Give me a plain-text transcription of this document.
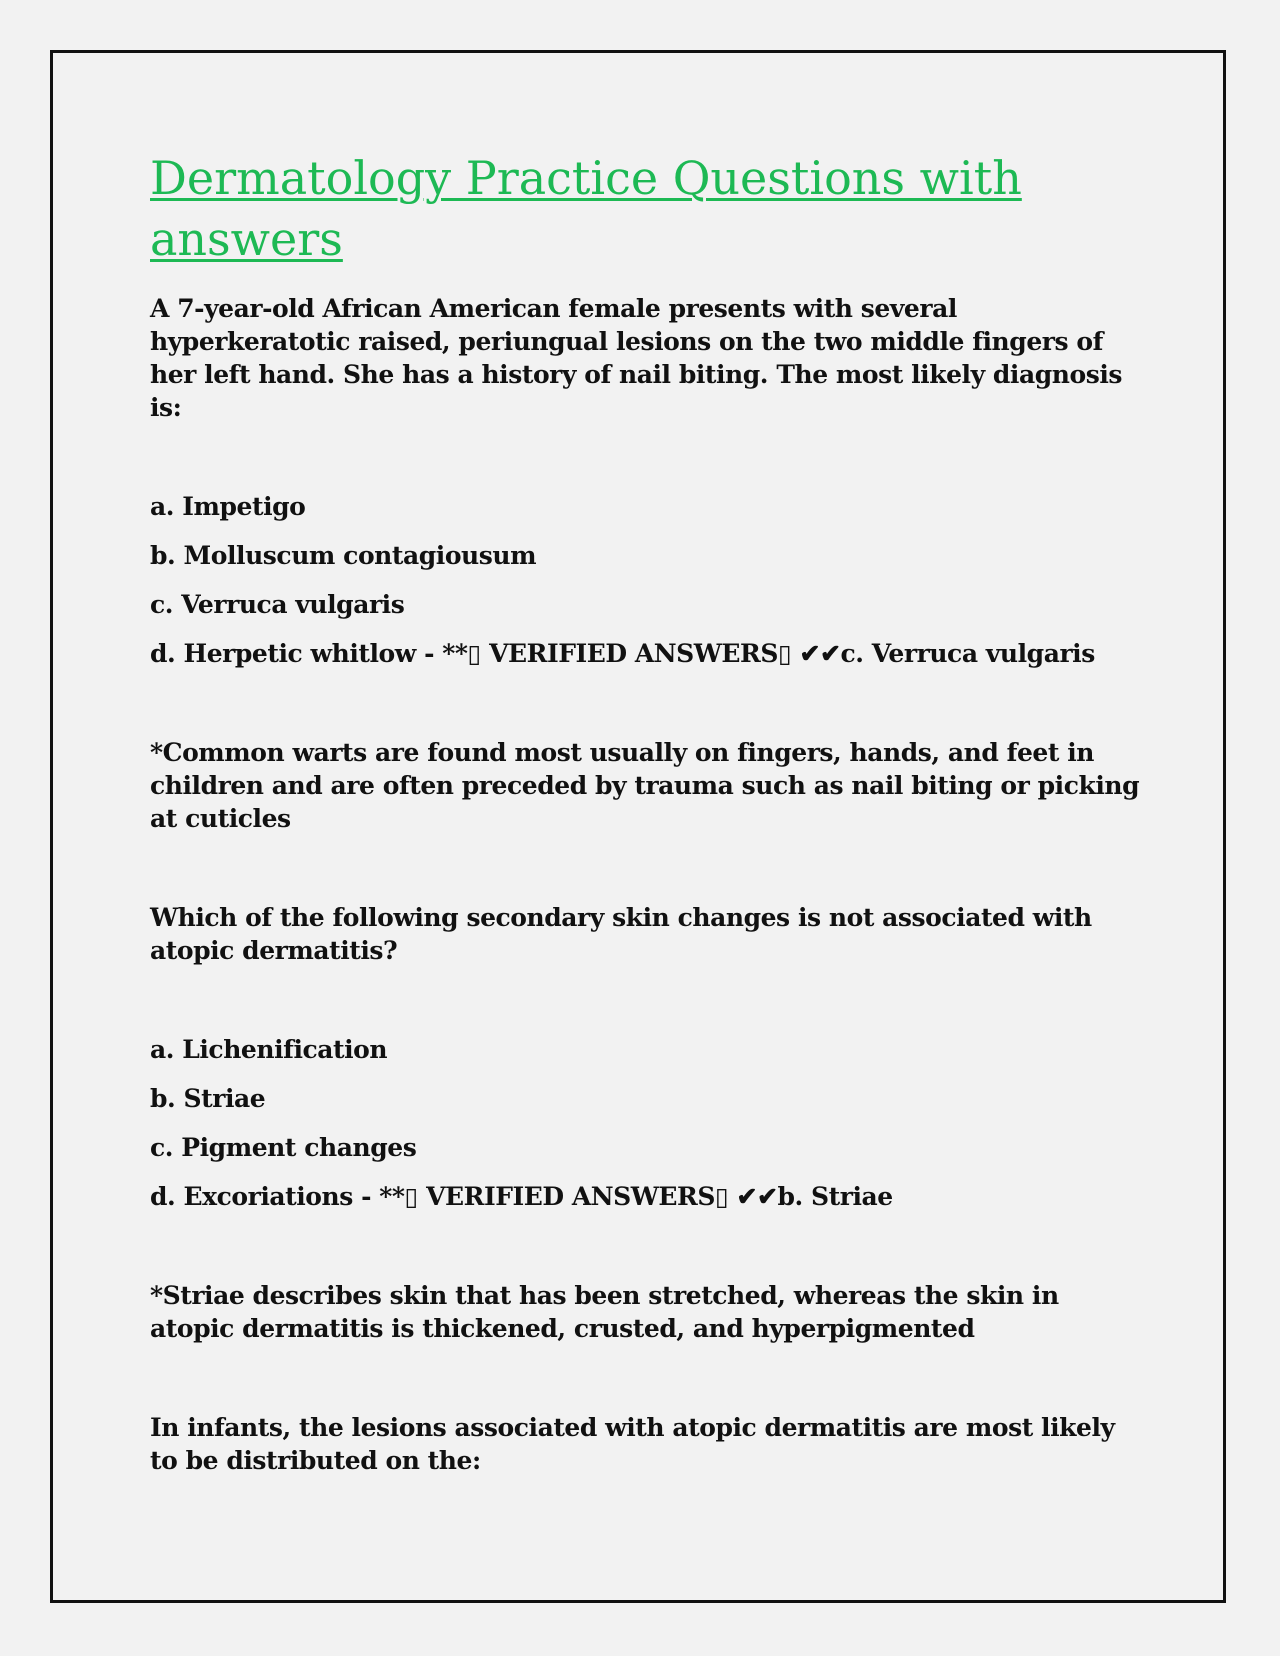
Dermatology Practice Questions with answers

A 7-year-old African American female presents with several hyperkeratotic raised, periungual lesions on the two middle fingers of her left hand. She has a history of nail biting. The most likely diagnosis is:

a. Impetigo

b. Molluscum contagiousum

c. Verruca vulgaris

d. Herpetic whitlow - **▯ VERIFIED ANSWERS▯ ✔✔c. Verruca vulgaris

*Common warts are found most usually on fingers, hands, and feet in children and are often preceded by trauma such as nail biting or picking at cuticles

Which of the following secondary skin changes is not associated with atopic dermatitis?

a. Lichenification

b. Striae

c. Pigment changes

d. Excoriations - **▯ VERIFIED ANSWERS▯ ✔✔b. Striae

*Striae describes skin that has been stretched, whereas the skin in atopic dermatitis is thickened, crusted, and hyperpigmented

In infants, the lesions associated with atopic dermatitis are most likely to be distributed on the:
